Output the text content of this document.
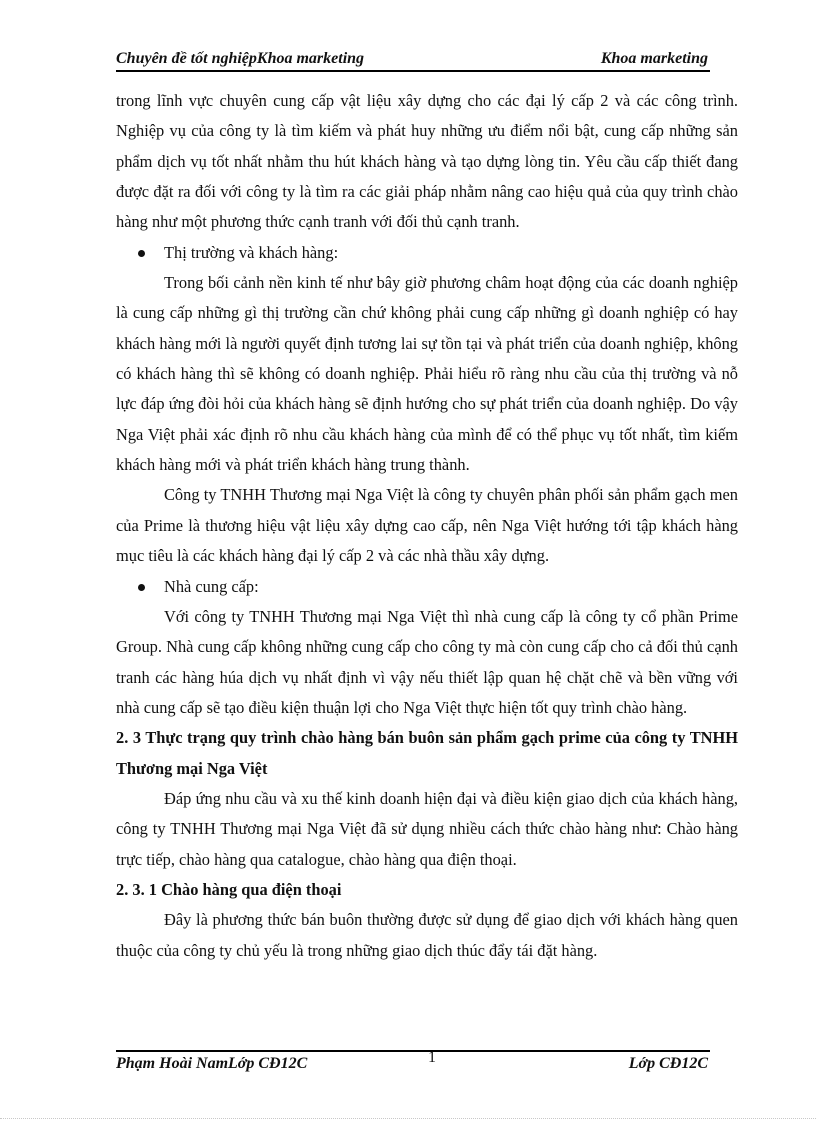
Chuyên đề tốt nghiệpKhoa marketing	Khoa marketing

trong lĩnh vực chuyên cung cấp vật liệu xây dựng cho các đại lý cấp 2 và các công trình. Nghiệp vụ của công ty là tìm kiếm và phát huy những ưu điểm nổi bật, cung cấp những sản phẩm dịch vụ tốt nhất nhằm thu hút khách hàng và tạo dựng lòng tin. Yêu cầu cấp thiết đang được đặt ra đối với công ty là tìm ra các giải pháp nhằm nâng cao hiệu quả của quy trình chào hàng như một phương thức cạnh tranh với đối thủ cạnh tranh.

Thị trường và khách hàng:

Trong bối cảnh nền kinh tế như bây giờ phương châm hoạt động của các doanh nghiệp là cung cấp những gì thị trường cần chứ không phải cung cấp những gì doanh nghiệp có hay khách hàng mới là người quyết định tương lai sự tồn tại và phát triển của doanh nghiệp, không có khách hàng thì sẽ không có doanh nghiệp. Phải hiểu rõ ràng nhu cầu của thị trường và nỗ lực đáp ứng đòi hỏi của khách hàng sẽ định hướng cho sự phát triển của doanh nghiệp. Do vậy Nga Việt phải xác định rõ nhu cầu khách hàng của mình để có thể phục vụ tốt nhất, tìm kiếm khách hàng mới và phát triển khách hàng trung thành.

Công ty TNHH Thương mại Nga Việt là công ty chuyên phân phối sản phẩm gạch men của Prime là thương hiệu vật liệu xây dựng cao cấp, nên Nga Việt hướng tới tập khách hàng mục tiêu là các khách hàng đại lý cấp 2 và các nhà thầu xây dựng.

Nhà cung cấp:

Với công ty TNHH Thương mại Nga Việt thì nhà cung cấp là công ty cổ phần Prime Group. Nhà cung cấp không những cung cấp cho công ty mà còn cung cấp cho cả đối thủ cạnh tranh các hàng húa dịch vụ nhất định vì vậy nếu thiết lập quan hệ chặt chẽ và bền vững với nhà cung cấp sẽ tạo điều kiện thuận lợi cho Nga Việt thực hiện tốt quy trình chào hàng.

2. 3 Thực trạng quy trình chào hàng bán buôn sản phẩm gạch prime của công ty TNHH Thương mại Nga Việt

Đáp ứng nhu cầu và xu thế kinh doanh hiện đại và điều kiện giao dịch của khách hàng, công ty TNHH Thương mại Nga Việt đã sử dụng nhiều cách thức chào hàng như: Chào hàng trực tiếp, chào hàng qua catalogue, chào hàng qua điện thoại.

2. 3. 1 Chào hàng qua điện thoại

Đây là phương thức bán buôn thường được sử dụng để giao dịch với khách hàng quen thuộc của công ty chủ yếu là trong những giao dịch thúc đẩy tái đặt hàng.

Phạm Hoài NamLớp CĐ12C	1	Lớp CĐ12C
